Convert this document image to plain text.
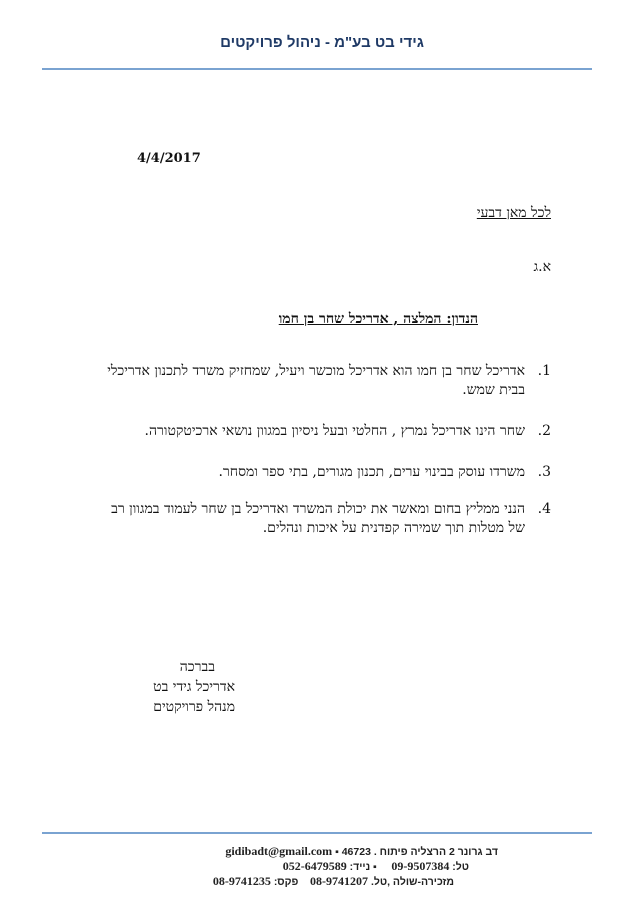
גידי בט בע"מ - ניהול פרויקטים
4/4/2017
לכל מאן דבעי
א.ג
הנדון: המלצה , אדריכל שחר בן חמו
1.
אדריכל שחר בן חמו הוא אדריכל מוכשר ויעיל, שמחזיק משרד לתכנון אדריכלי בבית שמש.
2.
שחר הינו אדריכל נמרץ , החלטי ובעל ניסיון במגוון נושאי ארכיטקטורה.
3.
משרדו עוסק בבינוי ערים, תכנון מגורים, בתי ספר ומסחר.
4.
הנני ממליץ בחום ומאשר את יכולת המשרד ואדריכל בן שחר לעמוד במגוון רב של מטלות תוך שמירה קפדנית על איכות ונהלים.
בברכה
אדריכל גידי בט
מנהל פרויקטים
דב גרונר 2 הרצליה פיתוח . 46723 ▪ gidibadt@gmail.com
טל: 09-9507384     ▪ נייד: 052-6479589
מזכירה-שולה ,טל. 08-9741207    פקס: 08-9741235
